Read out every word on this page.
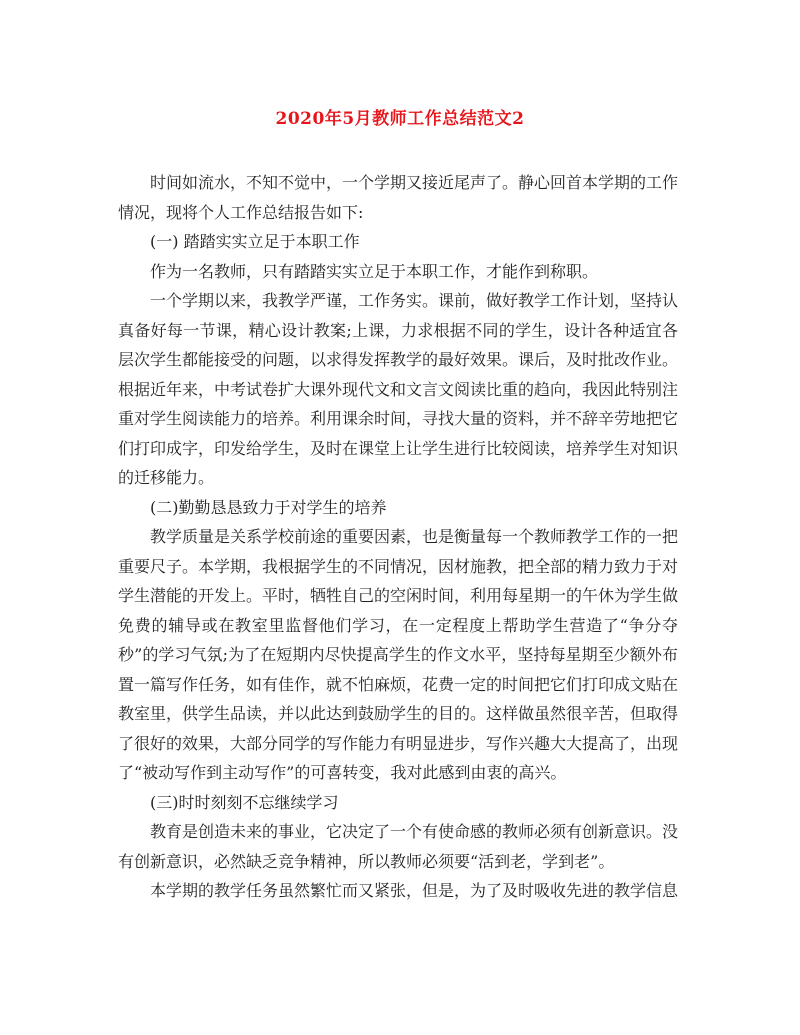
2020年5月教师工作总结范文2

时间如流水，不知不觉中，一个学期又接近尾声了。静心回首本学期的工作情况，现将个人工作总结报告如下:

(一) 踏踏实实立足于本职工作

作为一名教师，只有踏踏实实立足于本职工作，才能作到称职。

一个学期以来，我教学严谨，工作务实。课前，做好教学工作计划，坚持认真备好每一节课，精心设计教案;上课，力求根据不同的学生，设计各种适宜各层次学生都能接受的问题，以求得发挥教学的最好效果。课后，及时批改作业。根据近年来，中考试卷扩大课外现代文和文言文阅读比重的趋向，我因此特别注重对学生阅读能力的培养。利用课余时间，寻找大量的资料，并不辞辛劳地把它们打印成字，印发给学生，及时在课堂上让学生进行比较阅读，培养学生对知识的迁移能力。

(二)勤勤恳恳致力于对学生的培养

教学质量是关系学校前途的重要因素，也是衡量每一个教师教学工作的一把重要尺子。本学期，我根据学生的不同情况，因材施教，把全部的精力致力于对学生潜能的开发上。平时，牺牲自己的空闲时间，利用每星期一的午休为学生做免费的辅导或在教室里监督他们学习，在一定程度上帮助学生营造了“争分夺秒”的学习气氛;为了在短期内尽快提高学生的作文水平，坚持每星期至少额外布置一篇写作任务，如有佳作，就不怕麻烦，花费一定的时间把它们打印成文贴在教室里，供学生品读，并以此达到鼓励学生的目的。这样做虽然很辛苦，但取得了很好的效果，大部分同学的写作能力有明显进步，写作兴趣大大提高了，出现了“被动写作到主动写作”的可喜转变，我对此感到由衷的高兴。

(三)时时刻刻不忘继续学习

教育是创造未来的事业，它决定了一个有使命感的教师必须有创新意识。没有创新意识，必然缺乏竞争精神，所以教师必须要“活到老，学到老”。

本学期的教学任务虽然繁忙而又紧张，但是，为了及时吸收先进的教学信息
